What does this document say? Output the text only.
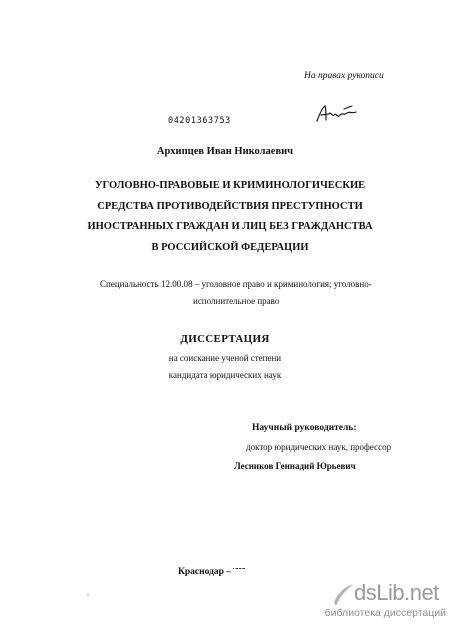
На правах рукописи
04201363753
Архипцев Иван Николаевич
УГОЛОВНО-ПРАВОВЫЕ И КРИМИНОЛОГИЧЕСКИЕ
СРЕДСТВА ПРОТИВОДЕЙСТВИЯ ПРЕСТУПНОСТИ
ИНОСТРАННЫХ ГРАЖДАН И ЛИЦ БЕЗ ГРАЖДАНСТВА
В РОССИЙСКОЙ ФЕДЕРАЦИИ
Специальность 12.00.08 – уголовное право и криминология; уголовно-
исполнительное право
ДИССЕРТАЦИЯ
на соискание ученой степени
кандидата юридических наук
Научный руководитель:
доктор юридических наук, профессор
Лесников Геннадий Юрьевич
Краснодар –
dsLib.net
библиотека диссертаций
